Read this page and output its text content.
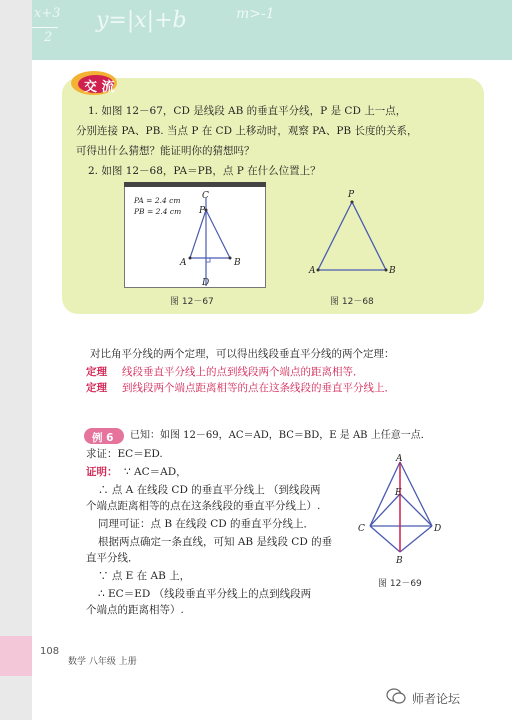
x+3
2
y=|x|+b	m>-1
交 流
1. 如图 12－67，CD 是线段 AB 的垂直平分线，P 是 CD 上一点，
分别连接 PA、PB. 当点 P 在 CD 上移动时，观察 PA、PB 长度的关系，
可得出什么猜想？能证明你的猜想吗？
2. 如图 12－68，PA＝PB，点 P 在什么位置上？
PA = 2.4 cm
PB = 2.4 cm
C
P
A	B
D
图 12－67
P
A	B
图 12－68
对比角平分线的两个定理，可以得出线段垂直平分线的两个定理：
定理 线段垂直平分线上的点到线段两个端点的距离相等．
定理 到线段两个端点距离相等的点在这条线段的垂直平分线上．
例 6 已知：如图 12－69，AC＝AD，BC＝BD，E 是 AB 上任意一点．
求证：EC＝ED.
证明： ∵ AC＝AD，
∴ 点 A 在线段 CD 的垂直平分线上 （到线段两
个端点距离相等的点在这条线段的垂直平分线上）.
同理可证：点 B 在线段 CD 的垂直平分线上．
根据两点确定一条直线，可知 AB 是线段 CD 的垂
直平分线．
∵ 点 E 在 AB 上，
∴ EC＝ED （线段垂直平分线上的点到线段两
个端点的距离相等）.
A
E
C	D
B
图 12－69
108
数学 八年级 上册
师者论坛
